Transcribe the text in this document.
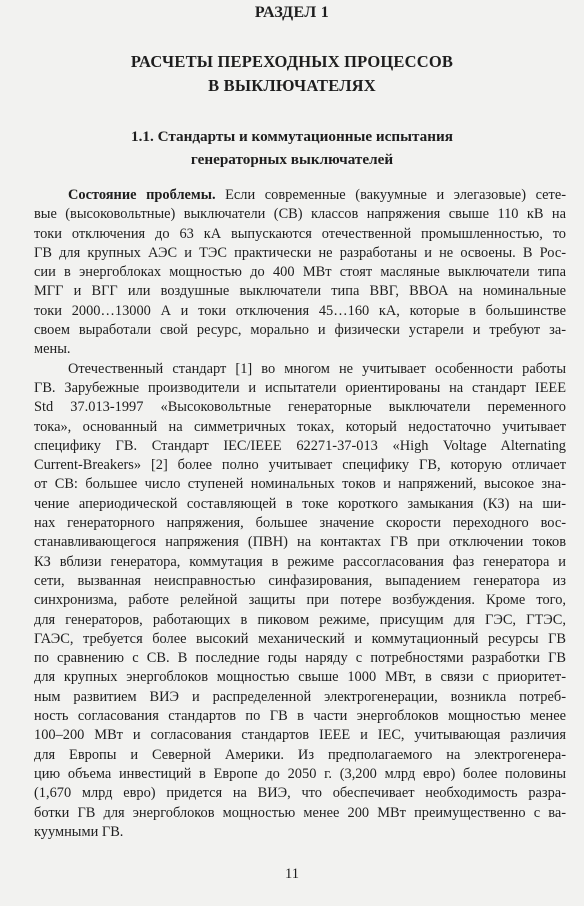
РАЗДЕЛ 1
РАСЧЕТЫ ПЕРЕХОДНЫХ ПРОЦЕССОВ
В ВЫКЛЮЧАТЕЛЯХ
1.1. Стандарты и коммутационные испытания
генераторных выключателей
Состояние проблемы. Если современные (вакуумные и элегазовые) сете-
вые (высоковольтные) выключатели (СВ) классов напряжения свыше 110 кВ на
токи отключения до 63 кА выпускаются отечественной промышленностью, то
ГВ для крупных АЭС и ТЭС практически не разработаны и не освоены. В Рос-
сии в энергоблоках мощностью до 400 МВт стоят масляные выключатели типа
МГГ и ВГГ или воздушные выключатели типа ВВГ, ВВОА на номинальные
токи 2000…13000 А и токи отключения 45…160 кА, которые в большинстве
своем выработали свой ресурс, морально и физически устарели и требуют за-
мены.
Отечественный стандарт [1] во многом не учитывает особенности работы
ГВ. Зарубежные производители и испытатели ориентированы на стандарт IEEE
Std 37.013-1997 «Высоковольтные генераторные выключатели переменного
тока», основанный на симметричных токах, который недостаточно учитывает
специфику ГВ. Стандарт IEC/IEEE 62271-37-013 «High Voltage Alternating
Current-Breakers» [2] более полно учитывает специфику ГВ, которую отличает
от СВ: большее число ступеней номинальных токов и напряжений, высокое зна-
чение апериодической составляющей в токе короткого замыкания (КЗ) на ши-
нах генераторного напряжения, большее значение скорости переходного вос-
станавливающегося напряжения (ПВН) на контактах ГВ при отключении токов
КЗ вблизи генератора, коммутация в режиме рассогласования фаз генератора и
сети, вызванная неисправностью синфазирования, выпадением генератора из
синхронизма, работе релейной защиты при потере возбуждения. Кроме того,
для генераторов, работающих в пиковом режиме, присущим для ГЭС, ГТЭС,
ГАЭС, требуется более высокий механический и коммутационный ресурсы ГВ
по сравнению с СВ. В последние годы наряду с потребностями разработки ГВ
для крупных энергоблоков мощностью свыше 1000 МВт, в связи с приоритет-
ным развитием ВИЭ и распределенной электрогенерации, возникла потреб-
ность согласования стандартов по ГВ в части энергоблоков мощностью менее
100–200 МВт и согласования стандартов IEEE и IEC, учитывающая различия
для Европы и Северной Америки. Из предполагаемого на электрогенера-
цию объема инвестиций в Европе до 2050 г. (3,200 млрд евро) более половины
(1,670 млрд евро) придется на ВИЭ, что обеспечивает необходимость разра-
ботки ГВ для энергоблоков мощностью менее 200 МВт преимущественно с ва-
куумными ГВ.
11
